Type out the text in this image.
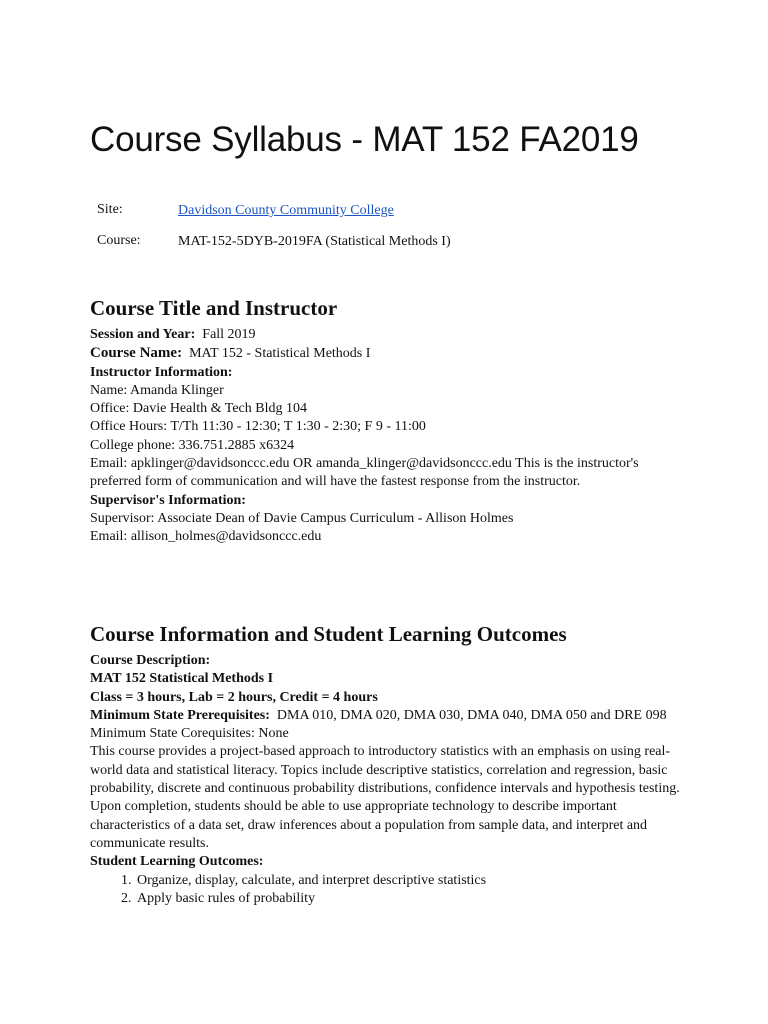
Course Syllabus - MAT 152 FA2019
Site:	Davidson County Community College
Course:	MAT-152-5DYB-2019FA (Statistical Methods I)
Course Title and Instructor
Session and Year: Fall 2019
Course Name: MAT 152 - Statistical Methods I
Instructor Information:
Name: Amanda Klinger
Office: Davie Health & Tech Bldg 104
Office Hours: T/Th 11:30 - 12:30; T 1:30 - 2:30; F 9 - 11:00
College phone: 336.751.2885 x6324
Email: apklinger@davidsonccc.edu OR amanda_klinger@davidsonccc.edu This is the instructor's preferred form of communication and will have the fastest response from the instructor.
Supervisor's Information:
Supervisor: Associate Dean of Davie Campus Curriculum - Allison Holmes
Email: allison_holmes@davidsonccc.edu
Course Information and Student Learning Outcomes
Course Description:
MAT 152 Statistical Methods I
Class = 3 hours, Lab = 2 hours, Credit = 4 hours
Minimum State Prerequisites: DMA 010, DMA 020, DMA 030, DMA 040, DMA 050 and DRE 098
Minimum State Corequisites: None
This course provides a project-based approach to introductory statistics with an emphasis on using real-world data and statistical literacy. Topics include descriptive statistics, correlation and regression, basic probability, discrete and continuous probability distributions, confidence intervals and hypothesis testing. Upon completion, students should be able to use appropriate technology to describe important characteristics of a data set, draw inferences about a population from sample data, and interpret and communicate results.
Student Learning Outcomes:
1. Organize, display, calculate, and interpret descriptive statistics
2. Apply basic rules of probability
